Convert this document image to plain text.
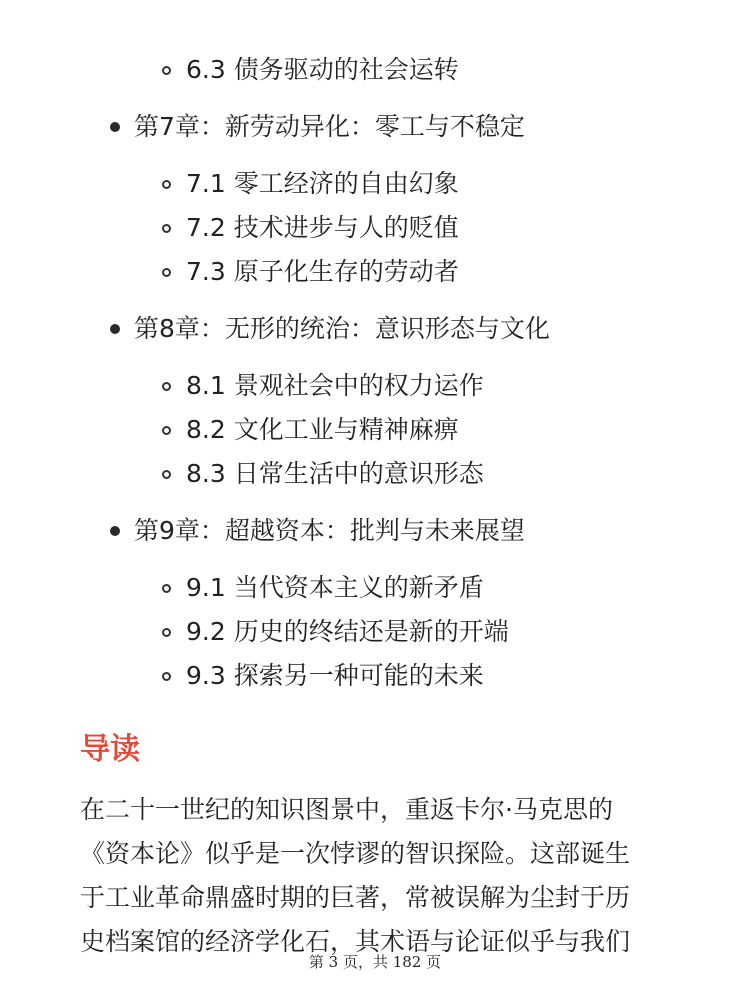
6.3 债务驱动的社会运转
第7章：新劳动异化：零工与不稳定
7.1 零工经济的自由幻象
7.2 技术进步与人的贬值
7.3 原子化生存的劳动者
第8章：无形的统治：意识形态与文化
8.1 景观社会中的权力运作
8.2 文化工业与精神麻痹
8.3 日常生活中的意识形态
第9章：超越资本：批判与未来展望
9.1 当代资本主义的新矛盾
9.2 历史的终结还是新的开端
9.3 探索另一种可能的未来
导读
在二十一世纪的知识图景中，重返卡尔·马克思的
《资本论》似乎是一次悖谬的智识探险。这部诞生
于工业革命鼎盛时期的巨著，常被误解为尘封于历
史档案馆的经济学化石，其术语与论证似乎与我们
第 3 页，共 182 页
